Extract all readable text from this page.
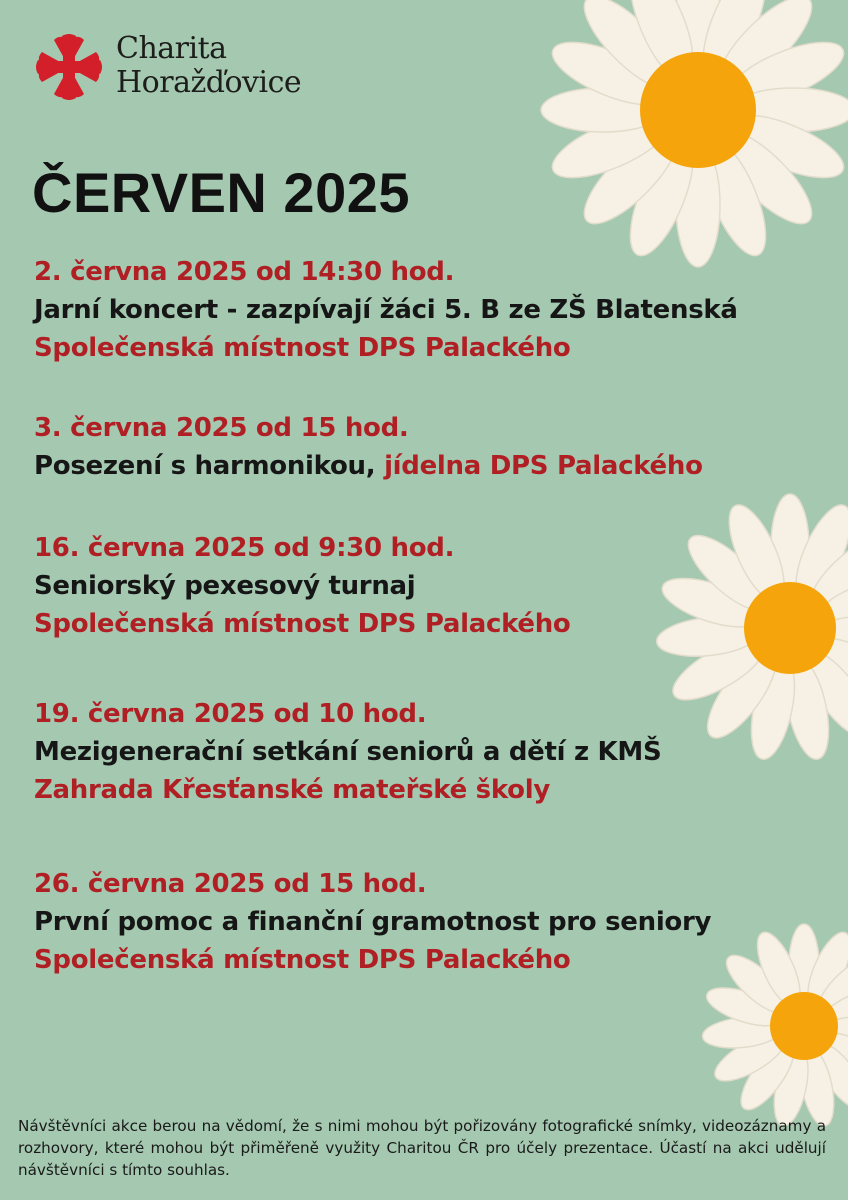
Charita
Horažďovice
ČERVEN 2025
2. června 2025 od 14:30 hod.
Jarní koncert - zazpívají žáci 5. B ze ZŠ Blatenská
Společenská místnost DPS Palackého
3. června 2025 od 15 hod.
Posezení s harmonikou, jídelna DPS Palackého
16. června 2025 od 9:30 hod.
Seniorský pexesový turnaj
Společenská místnost DPS Palackého
19. června 2025 od 10 hod.
Mezigenerační setkání seniorů a dětí z KMŠ
Zahrada Křesťanské mateřské školy
26. června 2025 od 15 hod.
První pomoc a finanční gramotnost pro seniory
Společenská místnost DPS Palackého
Návštěvníci akce berou na vědomí, že s nimi mohou být pořizovány fotografické snímky, videozáznamy a rozhovory, které mohou být přiměřeně využity Charitou ČR pro účely prezentace. Účastí na akci udělují návštěvníci s tímto souhlas.
